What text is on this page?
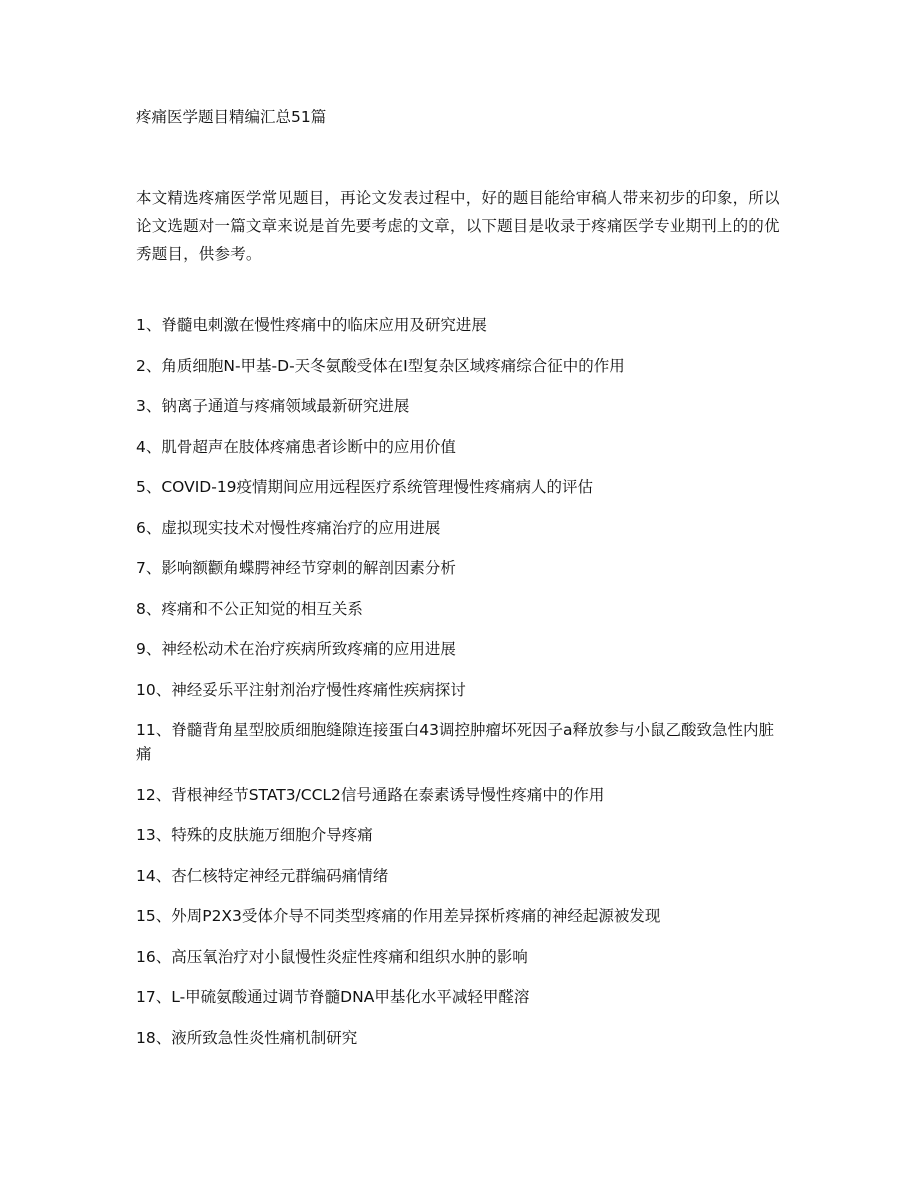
疼痛医学题目精编汇总51篇
本文精选疼痛医学常见题目，再论文发表过程中，好的题目能给审稿人带来初步的印象，所以论文选题对一篇文章来说是首先要考虑的文章，以下题目是收录于疼痛医学专业期刊上的的优秀题目，供参考。
1、脊髓电刺激在慢性疼痛中的临床应用及研究进展
2、角质细胞N-甲基-D-天冬氨酸受体在I型复杂区域疼痛综合征中的作用
3、钠离子通道与疼痛领域最新研究进展
4、肌骨超声在肢体疼痛患者诊断中的应用价值
5、COVID-19疫情期间应用远程医疗系统管理慢性疼痛病人的评估
6、虚拟现实技术对慢性疼痛治疗的应用进展
7、影响额颧角蝶腭神经节穿刺的解剖因素分析
8、疼痛和不公正知觉的相互关系
9、神经松动术在治疗疾病所致疼痛的应用进展
10、神经妥乐平注射剂治疗慢性疼痛性疾病探讨
11、脊髓背角星型胶质细胞缝隙连接蛋白43调控肿瘤坏死因子a释放参与小鼠乙酸致急性内脏痛
12、背根神经节STAT3/CCL2信号通路在泰素诱导慢性疼痛中的作用
13、特殊的皮肤施万细胞介导疼痛
14、杏仁核特定神经元群编码痛情绪
15、外周P2X3受体介导不同类型疼痛的作用差异探析疼痛的神经起源被发现
16、高压氧治疗对小鼠慢性炎症性疼痛和组织水肿的影响
17、L-甲硫氨酸通过调节脊髓DNA甲基化水平减轻甲醛溶
18、液所致急性炎性痛机制研究
